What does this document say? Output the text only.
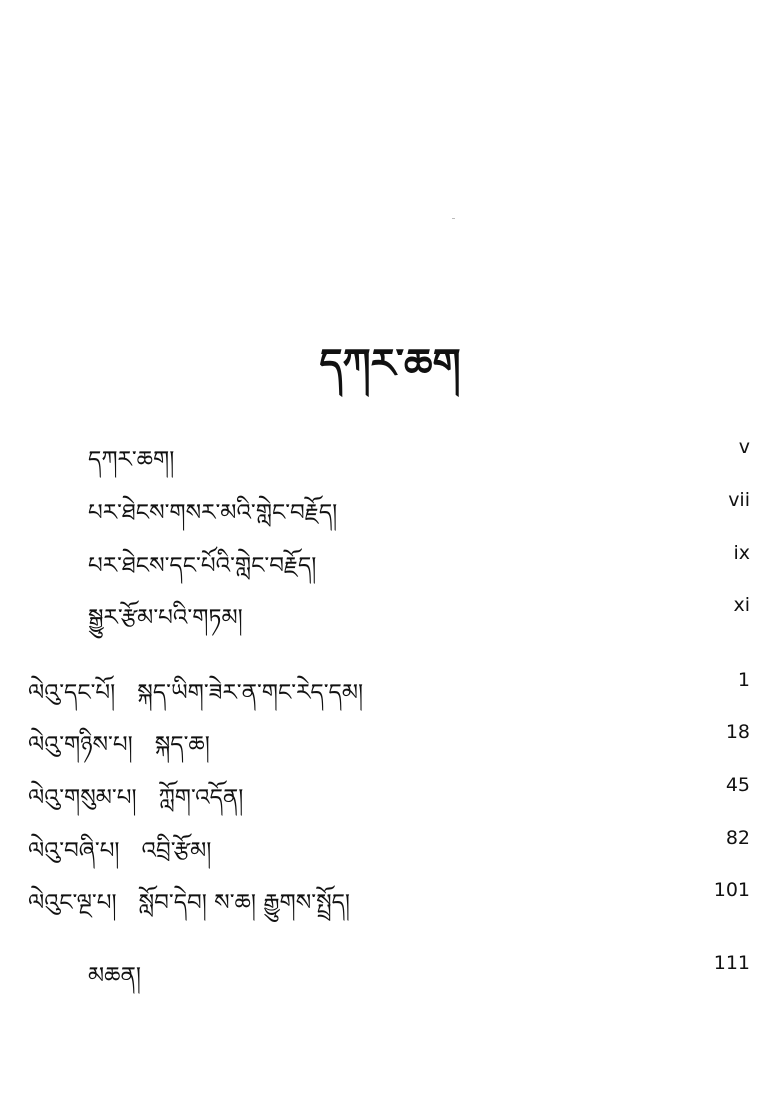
དཀར་ཆག
དཀར་ཆག།	v
པར་ཐེངས་གསར་མའི་གླེང་བརྗོད།	vii
པར་ཐེངས་དང་པོའི་གླེང་བརྗོད།	ix
སྒྱུར་རྩོམ་པའི་གཏམ།	xi
ལེའུ་དང་པོ། སྐད་ཡིག་ཟེར་ན་གང་རེད་དམ།	1
ལེའུ་གཉིས་པ། སྐད་ཆ།	18
ལེའུ་གསུམ་པ། ཀློག་འདོན།	45
ལེའུ་བཞི་པ། འབྲི་རྩོམ།	82
ལེའུང་ལྔ་པ། སློབ་དེབ། ས་ཆ། རྒྱུགས་སྤྲོད།	101
མཆན།	111
